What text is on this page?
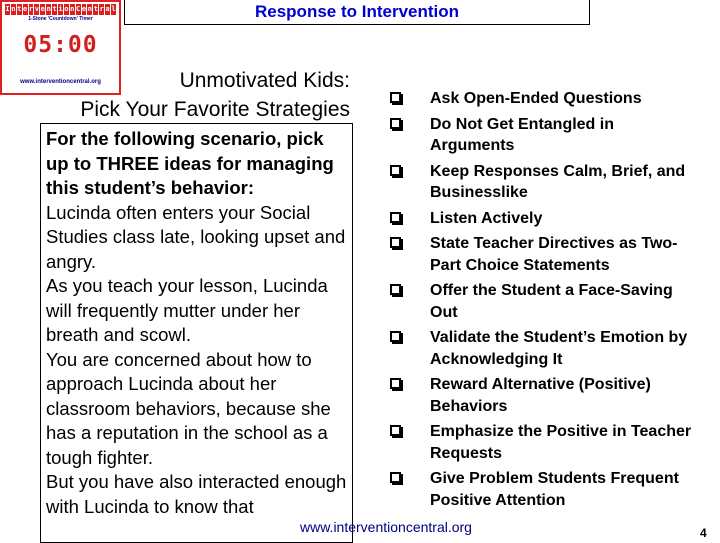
Response to Intervention
I n t e r v e n t i o n C e n t r a l
1-Stone 'Countdown' Timer
05:00
www.interventioncentral.org	Unmotivated Kids:
Pick Your Favorite Strategies
For the following scenario, pick up to THREE ideas for managing this student’s behavior:
Lucinda often enters your Social Studies class late, looking upset and angry.
As you teach your lesson, Lucinda will frequently mutter under her breath and scowl.
You are concerned about how to approach Lucinda about her classroom behaviors, because she has a reputation in the school as a tough fighter.
But you have also interacted enough with Lucinda to know that
Ask Open-Ended Questions
Do Not Get Entangled in Arguments
Keep Responses Calm, Brief, and Businesslike
Listen Actively
State Teacher Directives as Two-Part Choice Statements
Offer the Student a Face-Saving Out
Validate the Student’s Emotion by Acknowledging It
Reward Alternative (Positive) Behaviors
Emphasize the Positive in Teacher Requests
Give Problem Students Frequent Positive Attention
www.interventioncentral.org	4
